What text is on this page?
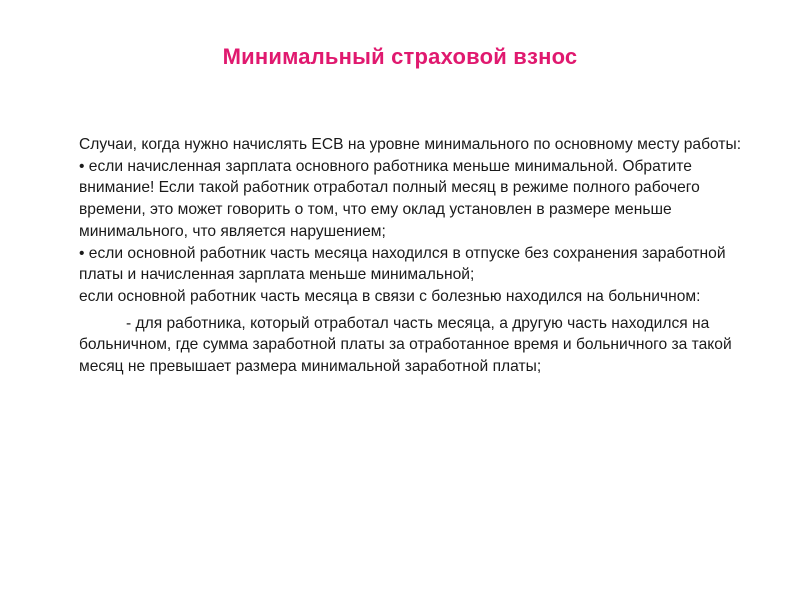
Минимальный страховой взнос

Случаи, когда нужно начислять ЕСВ на уровне минимального по основному месту работы:

• если начисленная зарплата основного работника меньше минимальной. Обратите внимание! Если такой работник отработал полный месяц в режиме полного рабочего времени, это может говорить о том, что ему оклад установлен в размере меньше минимального, что является нарушением;

• если основной работник часть месяца находился в отпуске без сохранения заработной платы и начисленная зарплата меньше минимальной;

если основной работник часть месяца в связи с болезнью находился на больничном:

- для работника, который отработал часть месяца, а другую часть находился на больничном, где сумма заработной платы за отработанное время и больничного за такой месяц не превышает размера минимальной заработной платы;
